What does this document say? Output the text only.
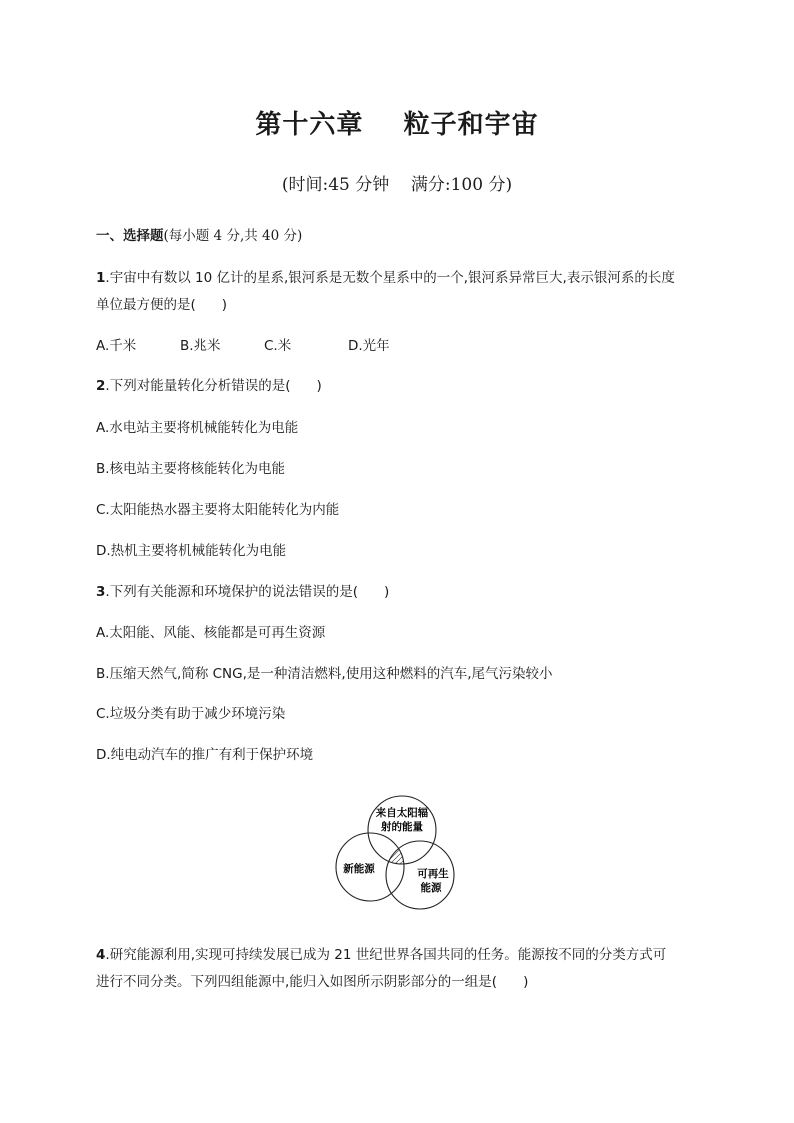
第十六章    粒子和宇宙
(时间:45 分钟    满分:100 分)
一、选择题(每小题 4 分,共 40 分)
1.宇宙中有数以 10 亿计的星系,银河系是无数个星系中的一个,银河系异常巨大,表示银河系的长度
单位最方便的是( )
A.千米	B.兆米	C.米	D.光年
2.下列对能量转化分析错误的是( )
A.水电站主要将机械能转化为电能
B.核电站主要将核能转化为电能
C.太阳能热水器主要将太阳能转化为内能
D.热机主要将机械能转化为电能
3.下列有关能源和环境保护的说法错误的是( )
A.太阳能、风能、核能都是可再生资源
B.压缩天然气,简称 CNG,是一种清洁燃料,使用这种燃料的汽车,尾气污染较小
C.垃圾分类有助于减少环境污染
D.纯电动汽车的推广有利于保护环境
来自太阳辐
射的能量
新能源	可再生
能源
4.研究能源利用,实现可持续发展已成为 21 世纪世界各国共同的任务。能源按不同的分类方式可
进行不同分类。下列四组能源中,能归入如图所示阴影部分的一组是( )
